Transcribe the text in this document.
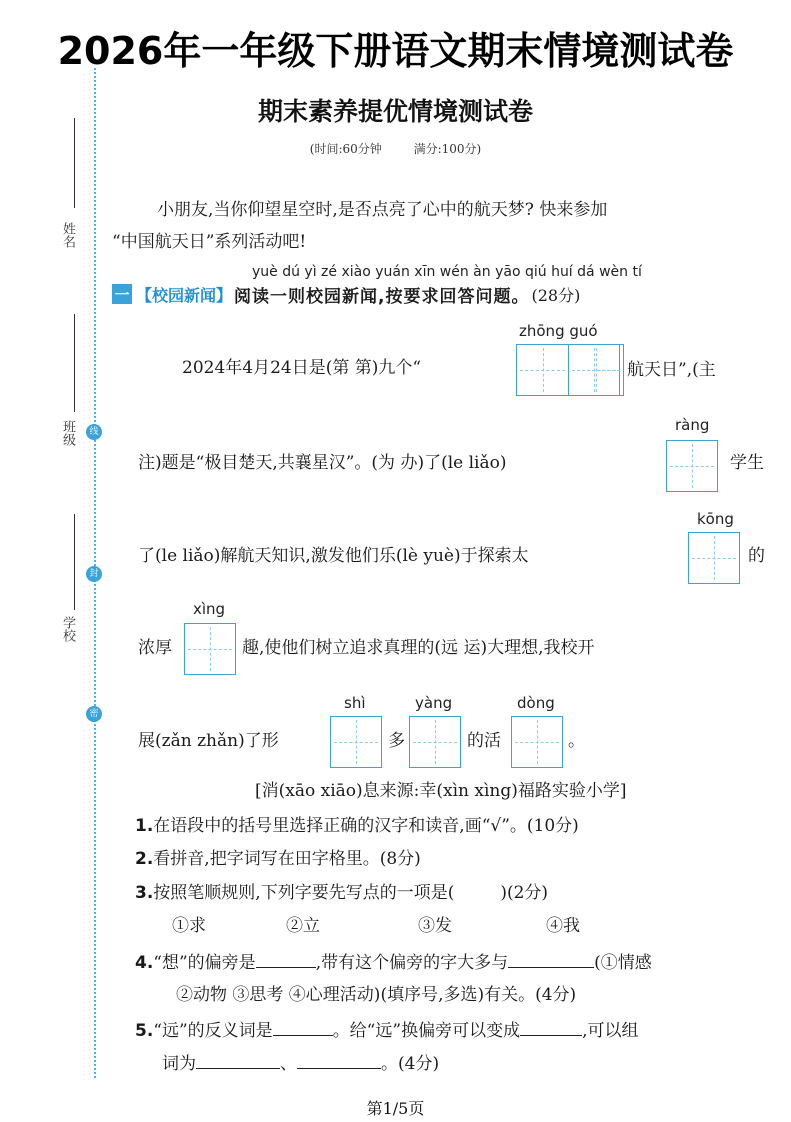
2026年一年级下册语文期末情境测试卷
期末素养提优情境测试卷
(时间:60分钟	满分:100分)
姓名
班级
学校
线
封
密
小朋友,当你仰望星空时,是否点亮了心中的航天梦? 快来参加
“中国航天日”系列活动吧!
yuè dú yì zé xiào yuán xīn wén àn yāo qiú huí dá wèn tí
一 【校园新闻】 阅读一则校园新闻,按要求回答问题。 (28分)
zhōng guó
2024年4月24日是(第 第)九个“	航天日”,(主
ràng
注)题是“极目楚天,共襄星汉”。(为 办)了(le liǎo)	学生
kōng
了(le liǎo)解航天知识,激发他们乐(lè yuè)于探索太	的
xìng
浓厚	趣,使他们树立追求真理的(远 运)大理想,我校开
shì	yàng	dòng
展(zǎn zhǎn)了形	多	的活	。
[消(xāo xiāo)息来源:幸(xìn xìng)福路实验小学]
1.在语段中的括号里选择正确的汉字和读音,画“√”。(10分)
2.看拼音,把字词写在田字格里。(8分)
3.按照笔顺规则,下列字要先写点的一项是(	)(2分)
①求	②立	③发	④我
4.“想”的偏旁是	,带有这个偏旁的字大多与	(①情感
②动物 ③思考 ④心理活动)(填序号,多选)有关。(4分)
5.“远”的反义词是	。给“远”换偏旁可以变成	,可以组
词为	、	。(4分)
第1/5页
